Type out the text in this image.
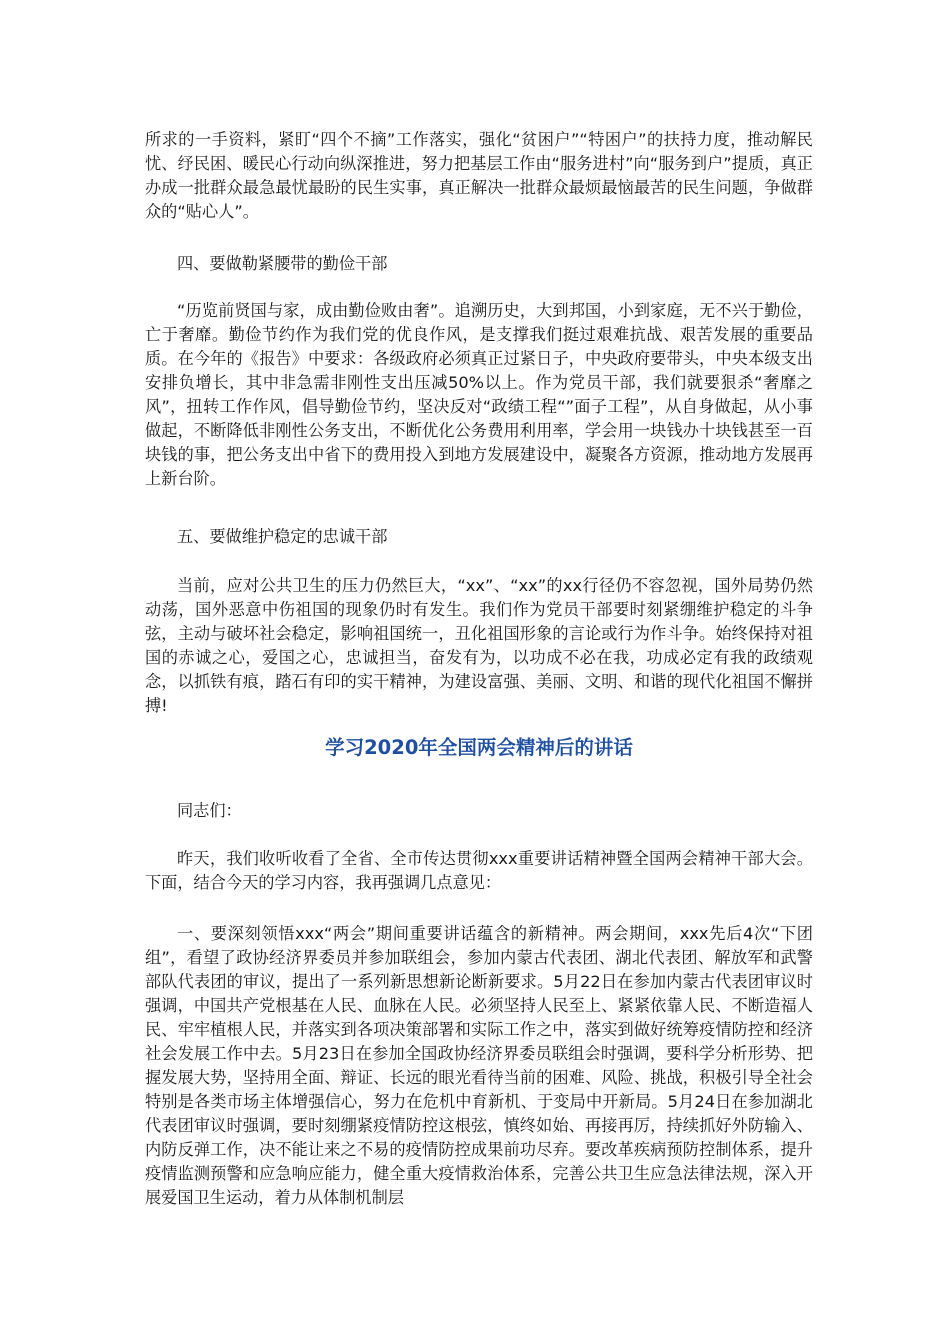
所求的一手资料，紧盯“四个不摘”工作落实，强化“贫困户”“特困户”的扶持力度，推动解民忧、纾民困、暖民心行动向纵深推进，努力把基层工作由“服务进村”向“服务到户”提质，真正办成一批群众最急最忧最盼的民生实事，真正解决一批群众最烦最恼最苦的民生问题，争做群众的“贴心人”。

四、要做勒紧腰带的勤俭干部

“历览前贤国与家，成由勤俭败由奢”。追溯历史，大到邦国，小到家庭，无不兴于勤俭，亡于奢靡。勤俭节约作为我们党的优良作风，是支撑我们挺过艰难抗战、艰苦发展的重要品质。在今年的《报告》中要求：各级政府必须真正过紧日子，中央政府要带头，中央本级支出安排负增长，其中非急需非刚性支出压减50%以上。作为党员干部，我们就要狠杀“奢靡之风”，扭转工作作风，倡导勤俭节约，坚决反对“政绩工程“”面子工程”，从自身做起，从小事做起，不断降低非刚性公务支出，不断优化公务费用利用率，学会用一块钱办十块钱甚至一百块钱的事，把公务支出中省下的费用投入到地方发展建设中，凝聚各方资源，推动地方发展再上新台阶。

五、要做维护稳定的忠诚干部

当前，应对公共卫生的压力仍然巨大，“xx”、“xx”的xx行径仍不容忽视，国外局势仍然动荡，国外恶意中伤祖国的现象仍时有发生。我们作为党员干部要时刻紧绷维护稳定的斗争弦，主动与破坏社会稳定，影响祖国统一，丑化祖国形象的言论或行为作斗争。始终保持对祖国的赤诚之心，爱国之心，忠诚担当，奋发有为，以功成不必在我，功成必定有我的政绩观念，以抓铁有痕，踏石有印的实干精神，为建设富强、美丽、文明、和谐的现代化祖国不懈拼搏!

学习2020年全国两会精神后的讲话

同志们：

昨天，我们收听收看了全省、全市传达贯彻xxx重要讲话精神暨全国两会精神干部大会。下面，结合今天的学习内容，我再强调几点意见：

一、要深刻领悟xxx“两会”期间重要讲话蕴含的新精神。两会期间，xxx先后4次“下团组”，看望了政协经济界委员并参加联组会，参加内蒙古代表团、湖北代表团、解放军和武警部队代表团的审议，提出了一系列新思想新论断新要求。5月22日在参加内蒙古代表团审议时强调，中国共产党根基在人民、血脉在人民。必须坚持人民至上、紧紧依靠人民、不断造福人民、牢牢植根人民，并落实到各项决策部署和实际工作之中，落实到做好统筹疫情防控和经济社会发展工作中去。5月23日在参加全国政协经济界委员联组会时强调，要科学分析形势、把握发展大势，坚持用全面、辩证、长远的眼光看待当前的困难、风险、挑战，积极引导全社会特别是各类市场主体增强信心，努力在危机中育新机、于变局中开新局。5月24日在参加湖北代表团审议时强调，要时刻绷紧疫情防控这根弦，慎终如始、再接再厉，持续抓好外防输入、内防反弹工作，决不能让来之不易的疫情防控成果前功尽弃。要改革疾病预防控制体系，提升疫情监测预警和应急响应能力，健全重大疫情救治体系，完善公共卫生应急法律法规，深入开展爱国卫生运动，着力从体制机制层
